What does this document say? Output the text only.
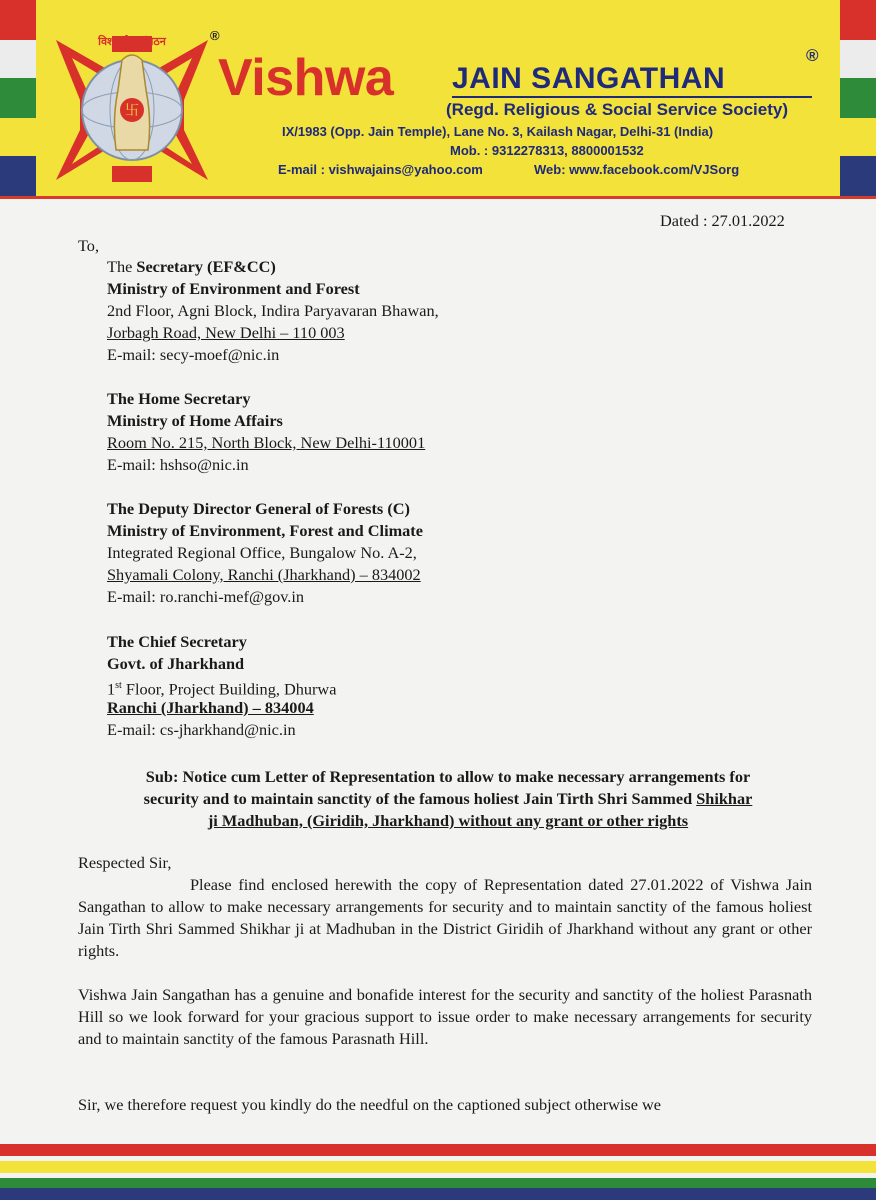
卐
विश्व जैन संगठन	®
Vishwa JAIN SANGATHAN
®
(Regd. Religious & Social Service Society)
IX/1983 (Opp. Jain Temple), Lane No. 3, Kailash Nagar, Delhi-31 (India)
Mob. : 9312278313, 8800001532
E-mail : vishwajains@yahoo.com	Web: www.facebook.com/VJSorg
Dated : 27.01.2022
To,
The Secretary (EF&CC)
Ministry of Environment and Forest
2nd Floor, Agni Block, Indira Paryavaran Bhawan,
Jorbagh Road, New Delhi – 110 003
E-mail: secy-moef@nic.in
The Home Secretary
Ministry of Home Affairs
Room No. 215, North Block, New Delhi-110001
E-mail: hshso@nic.in
The Deputy Director General of Forests (C)
Ministry of Environment, Forest and Climate
Integrated Regional Office, Bungalow No. A-2,
Shyamali Colony, Ranchi (Jharkhand) – 834002
E-mail: ro.ranchi-mef@gov.in
The Chief Secretary
Govt. of Jharkhand
1st Floor, Project Building, Dhurwa
Ranchi (Jharkhand) – 834004
E-mail: cs-jharkhand@nic.in
Sub: Notice cum Letter of Representation to allow to make necessary arrangements for
security and to maintain sanctity of the famous holiest Jain Tirth Shri Sammed Shikhar
ji Madhuban, (Giridih, Jharkhand) without any grant or other rights
Respected Sir,
Please find enclosed herewith the copy of Representation dated 27.01.2022 of Vishwa Jain Sangathan to allow to make necessary arrangements for security and to maintain sanctity of the famous holiest Jain Tirth Shri Sammed Shikhar ji at Madhuban in the District Giridih of Jharkhand without any grant or other rights.
Vishwa Jain Sangathan has a genuine and bonafide interest for the security and sanctity of the holiest Parasnath Hill so we look forward for your gracious support to issue order to make necessary arrangements for security and to maintain sanctity of the famous Parasnath Hill.
Sir, we therefore request you kindly do the needful on the captioned subject otherwise we
